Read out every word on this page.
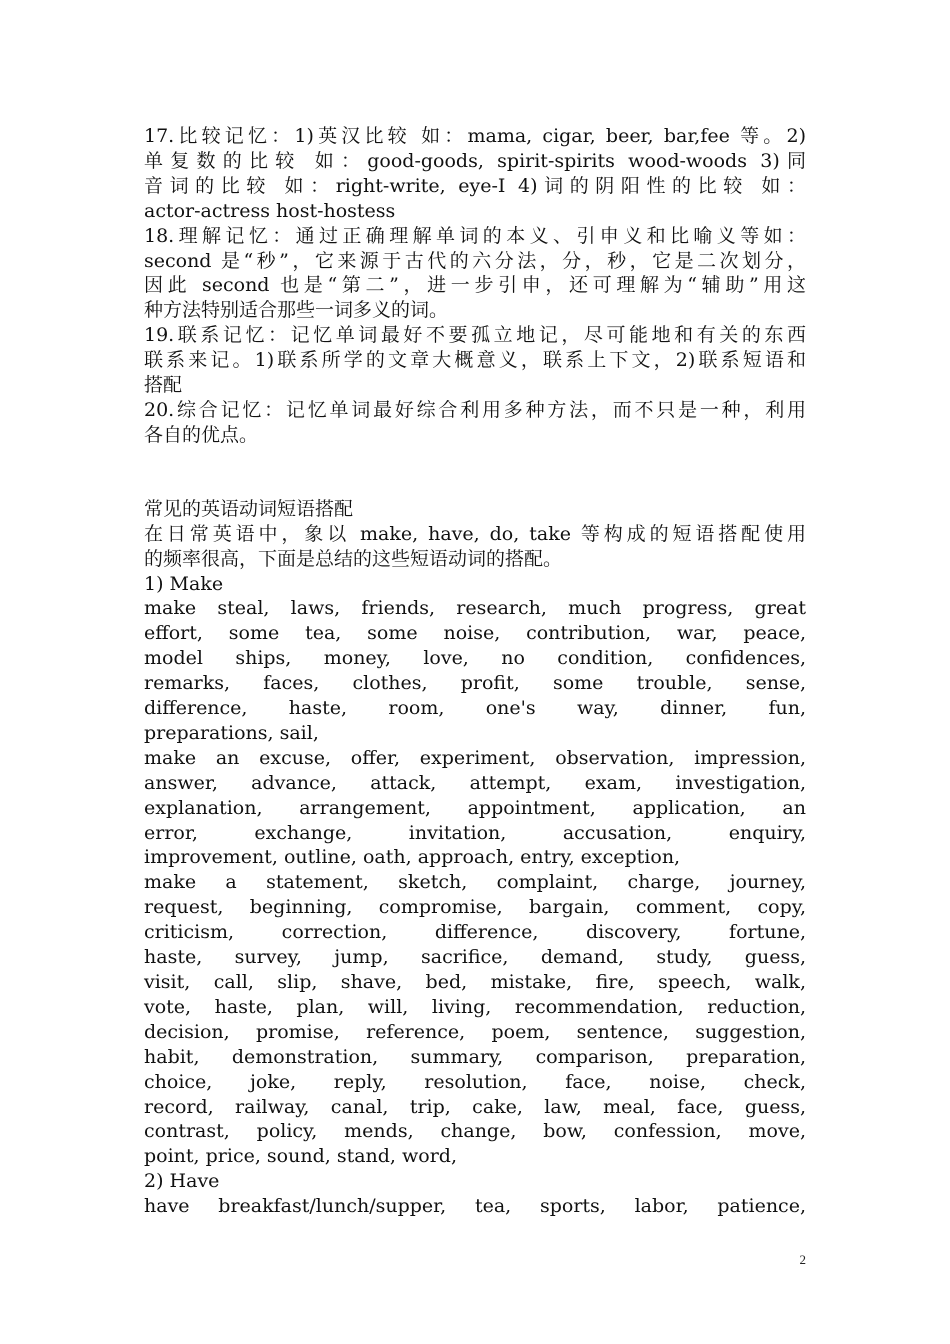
17.比较记忆：1)英汉比较 如：mama, cigar, beer, bar,fee 等。2)
单复数的比较 如：good-goods, spirit-spirits wood-woods 3)同
音词的比较 如：right-write, eye-I 4)词的阴阳性的比较 如：
actor-actress host-hostess
18.理解记忆：通过正确理解单词的本义、引申义和比喻义等如：
second 是“秒”，它来源于古代的六分法，分，秒，它是二次划分，
因此 second 也是“第二”，进一步引申，还可理解为“辅助”用这
种方法特别适合那些一词多义的词。
19.联系记忆：记忆单词最好不要孤立地记，尽可能地和有关的东西
联系来记。1)联系所学的文章大概意义，联系上下文，2)联系短语和
搭配
20.综合记忆：记忆单词最好综合利用多种方法，而不只是一种，利用
各自的优点。
常见的英语动词短语搭配
在日常英语中，象以 make, have, do, take 等构成的短语搭配使用
的频率很高，下面是总结的这些短语动词的搭配。
1) Make
make steal, laws, friends, research, much progress, great
effort, some tea, some noise, contribution, war, peace,
model ships, money, love, no condition, confidences,
remarks, faces, clothes, profit, some trouble, sense,
difference, haste, room, one's way, dinner, fun,
preparations, sail,
make an excuse, offer, experiment, observation, impression,
answer, advance, attack, attempt, exam, investigation,
explanation, arrangement, appointment, application, an
error, exchange, invitation, accusation, enquiry,
improvement, outline, oath, approach, entry, exception,
make a statement, sketch, complaint, charge, journey,
request, beginning, compromise, bargain, comment, copy,
criticism, correction, difference, discovery, fortune,
haste, survey, jump, sacrifice, demand, study, guess,
visit, call, slip, shave, bed, mistake, fire, speech, walk,
vote, haste, plan, will, living, recommendation, reduction,
decision, promise, reference, poem, sentence, suggestion,
habit, demonstration, summary, comparison, preparation,
choice, joke, reply, resolution, face, noise, check,
record, railway, canal, trip, cake, law, meal, face, guess,
contrast, policy, mends, change, bow, confession, move,
point, price, sound, stand, word,
2) Have
have breakfast/lunch/supper, tea, sports, labor, patience,
2
